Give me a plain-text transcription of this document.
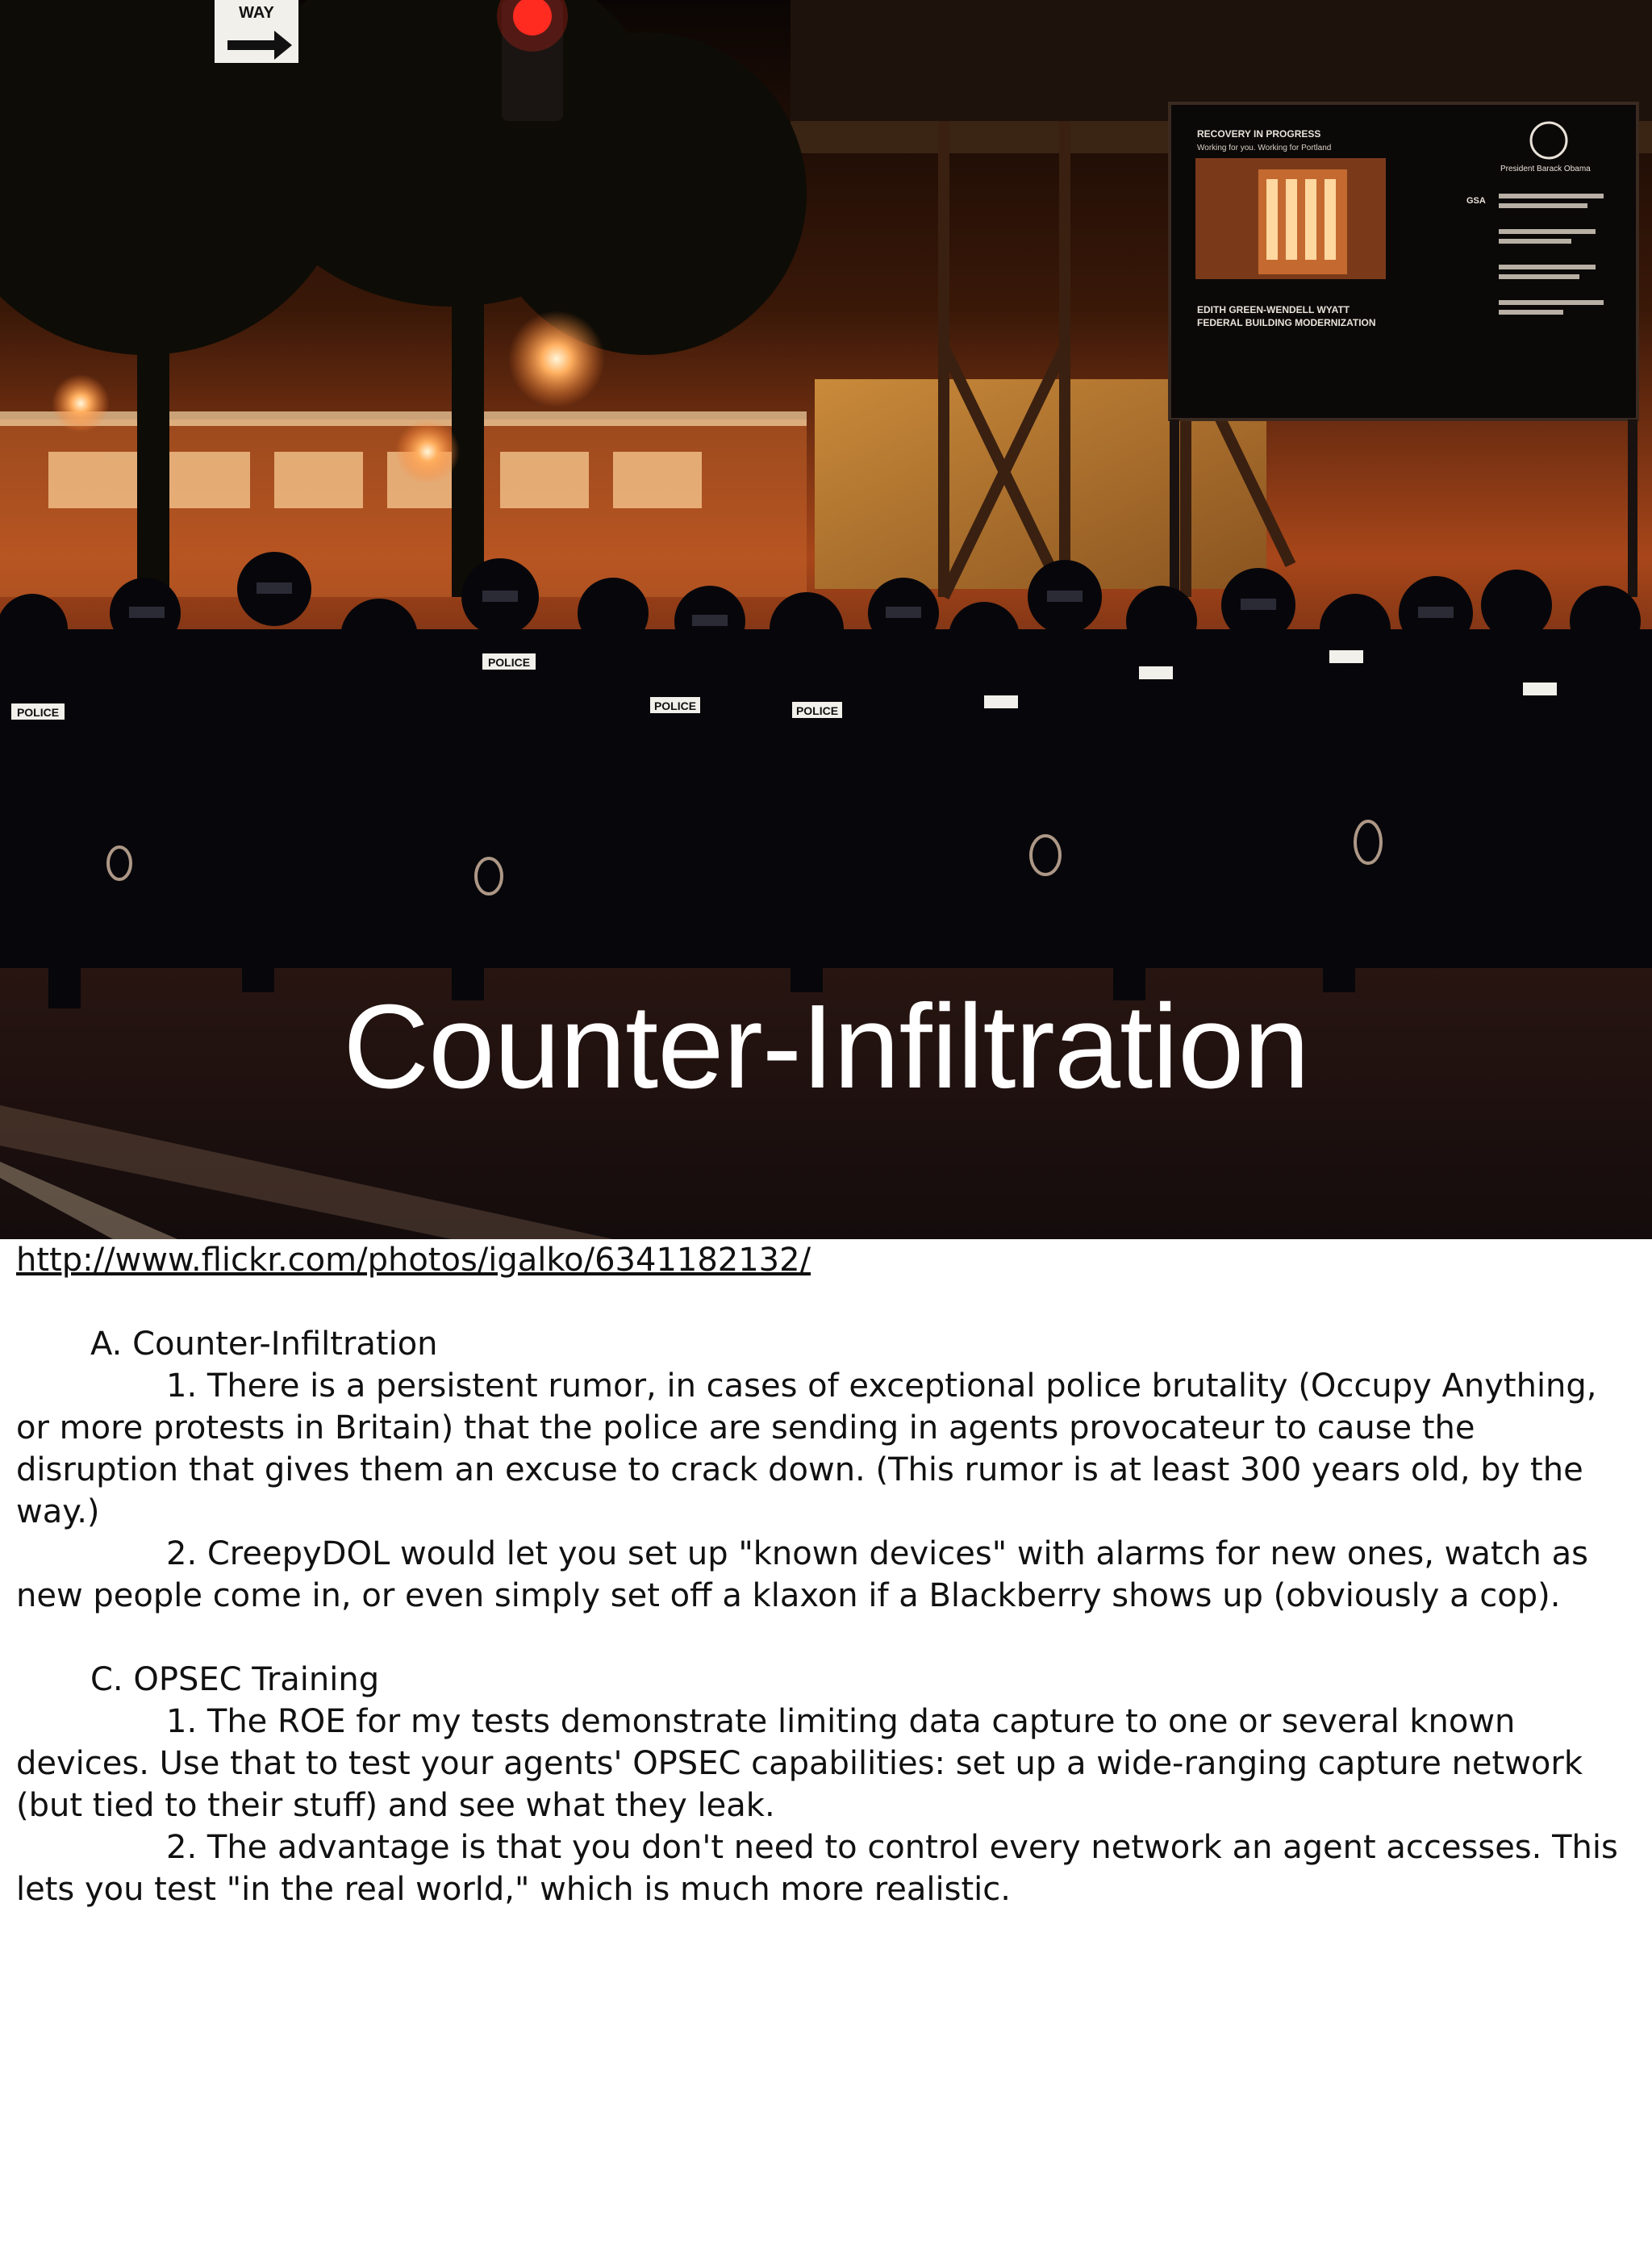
WAY
RECOVERY IN PROGRESS
Working for you. Working for Portland
EDITH GREEN-WENDELL WYATT
FEDERAL BUILDING MODERNIZATION
President Barack Obama
GSA
POLICE
POLICE
POLICE	POLICE
Counter-Infiltration
http://www.flickr.com/photos/igalko/6341182132/

A. Counter-Infiltration

1. There is a persistent rumor, in cases of exceptional police brutality (Occupy Anything, or more protests in Britain) that the police are sending in agents provocateur to cause the disruption that gives them an excuse to crack down. (This rumor is at least 300 years old, by the way.)

2. CreepyDOL would let you set up "known devices" with alarms for new ones, watch as new people come in, or even simply set off a klaxon if a Blackberry shows up (obviously a cop).

C. OPSEC Training

1. The ROE for my tests demonstrate limiting data capture to one or several known devices. Use that to test your agents' OPSEC capabilities: set up a wide-ranging capture network (but tied to their stuff) and see what they leak.

2. The advantage is that you don't need to control every network an agent accesses. This lets you test "in the real world," which is much more realistic.
